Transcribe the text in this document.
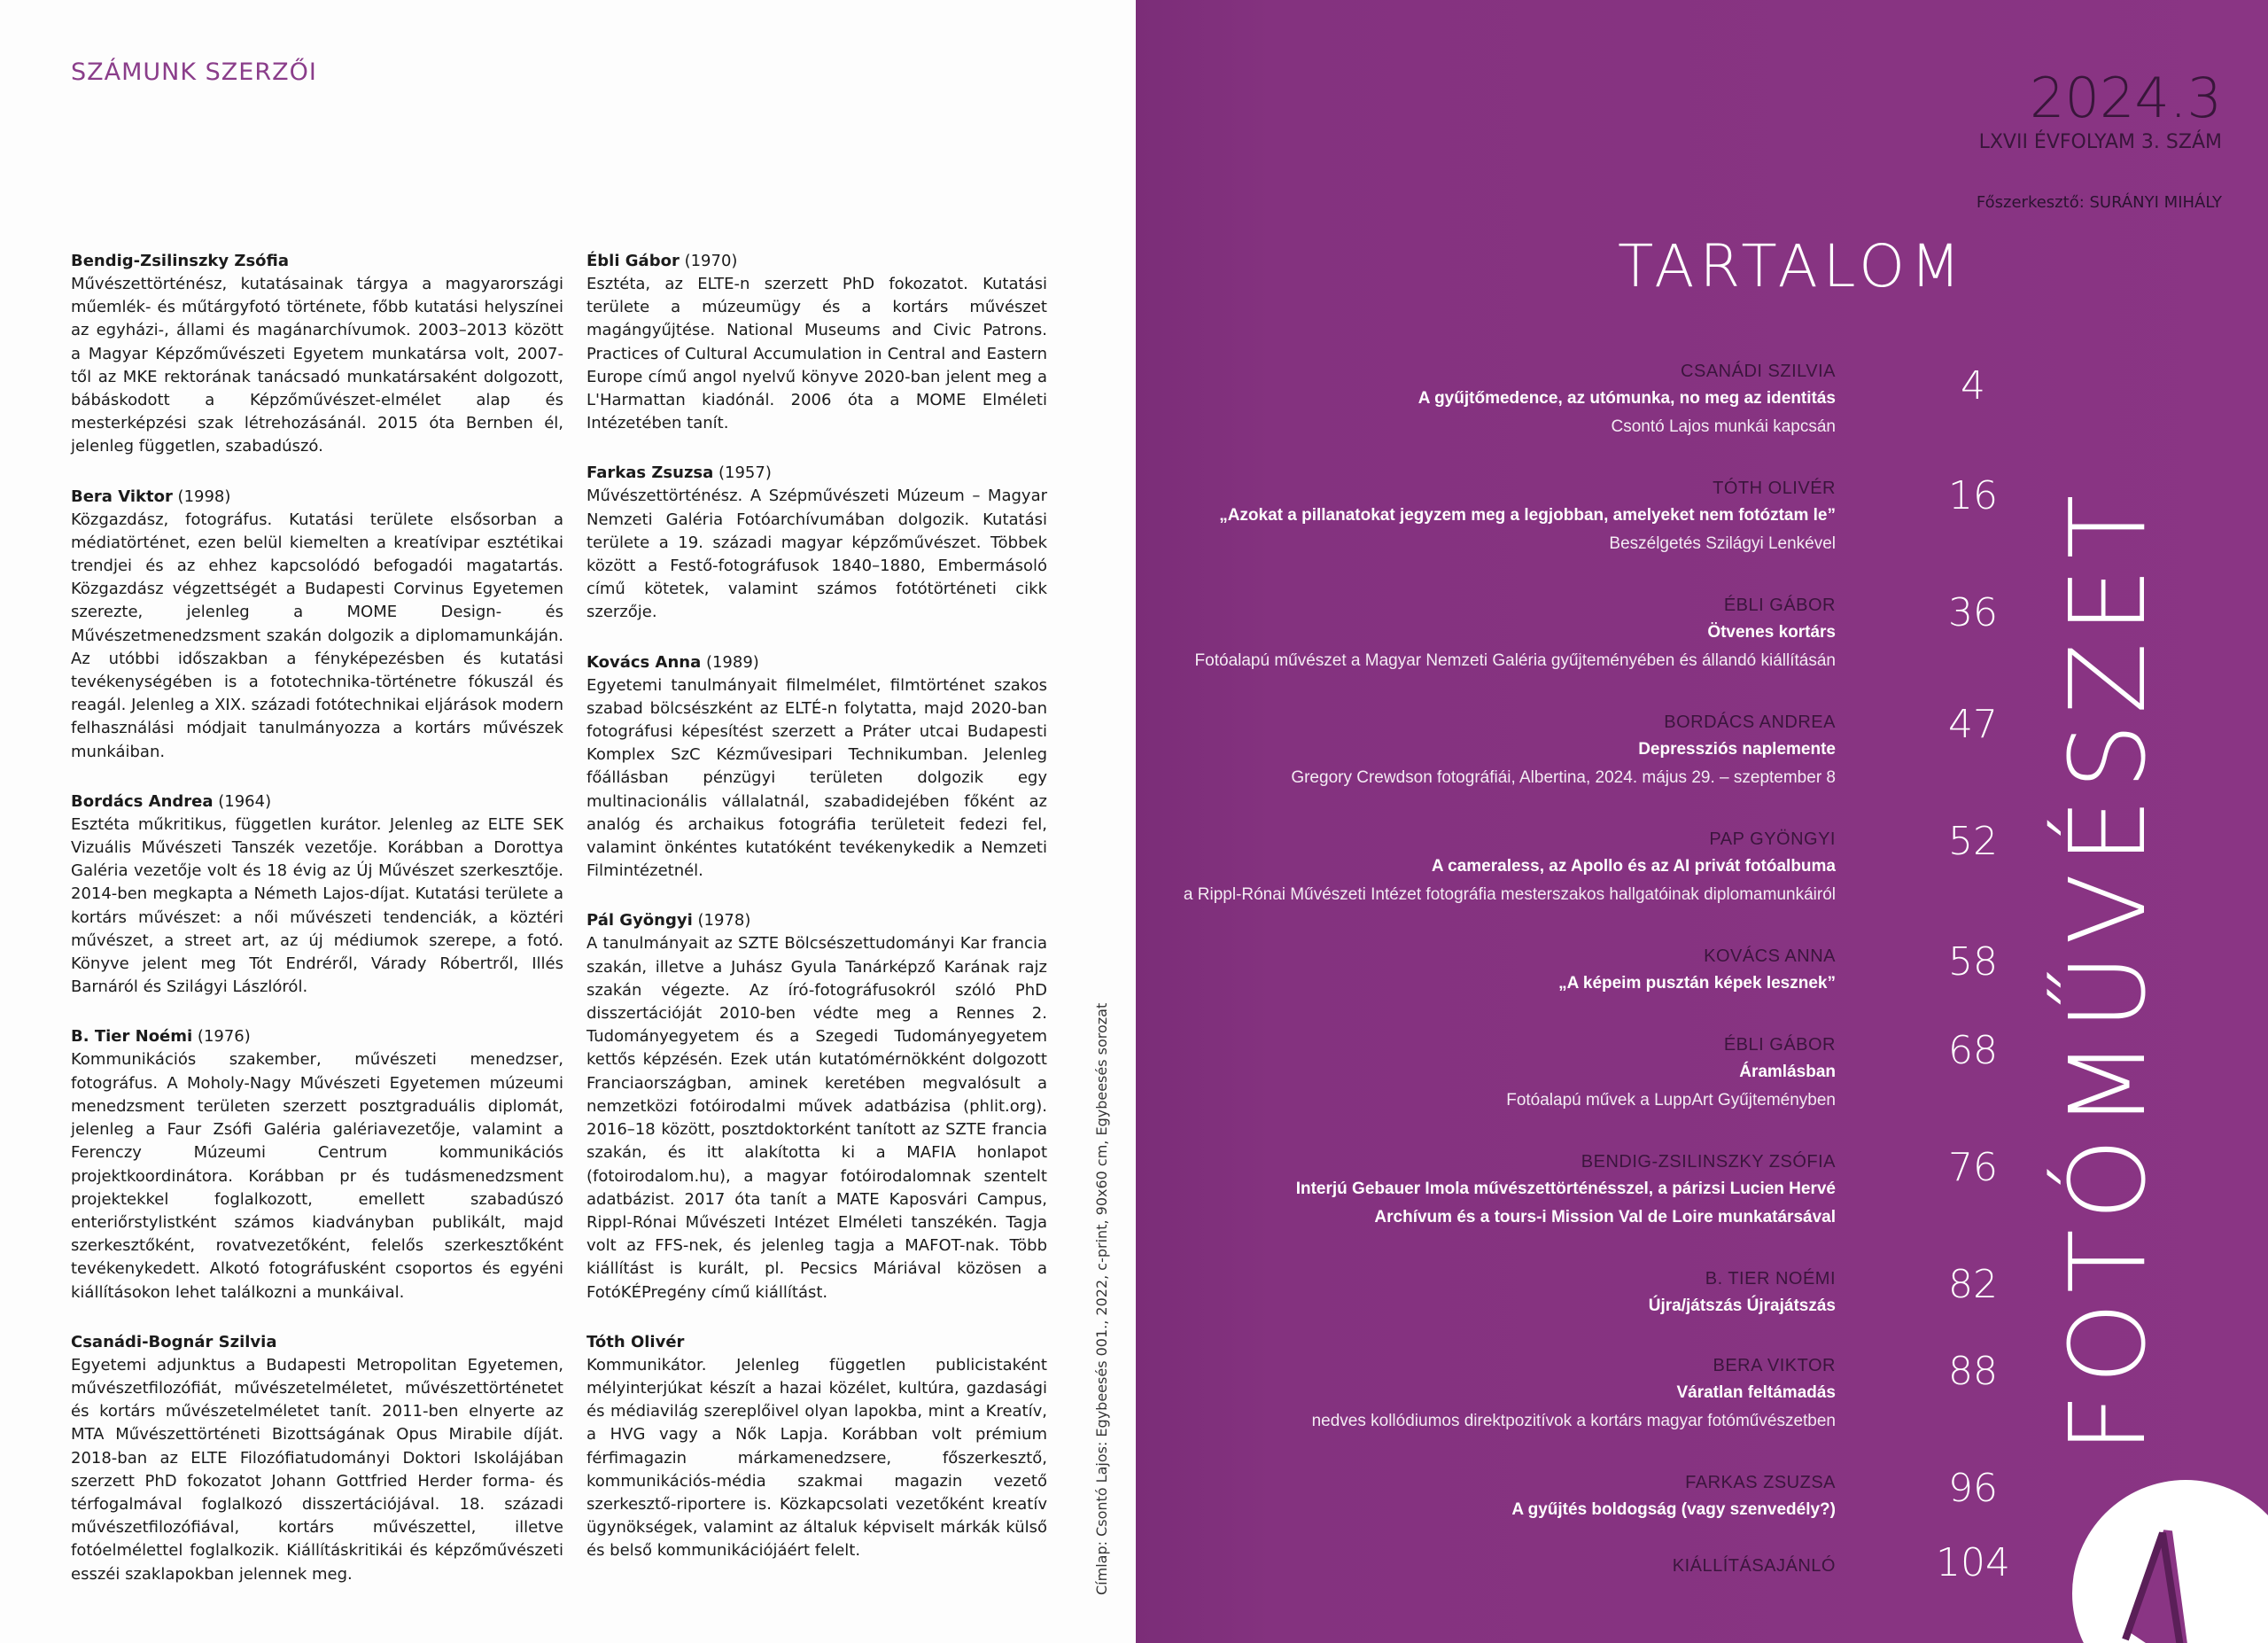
SZÁMUNK SZERZŐI
Bendig-Zsilinszky Zsófia
Művészettörténész, kutatásainak tárgya a magyarországi műemlék- és műtárgyfotó története, főbb kutatási helyszínei az egyházi-, állami és magánarchívumok. 2003–2013 között a Magyar Képzőművészeti Egyetem munkatársa volt, 2007-től az MKE rektorának tanácsadó munkatársaként dolgozott, bábáskodott a Képzőművészet-elmélet alap és mesterképzési szak létrehozásánál. 2015 óta Bernben él, jelenleg független, szabadúszó.
Bera Viktor (1998)
Közgazdász, fotográfus. Kutatási területe elsősorban a médiatörténet, ezen belül kiemelten a kreatívipar esztétikai trendjei és az ehhez kapcsolódó befogadói magatartás. Közgazdász végzettségét a Budapesti Corvinus Egyetemen szerezte, jelenleg a MOME Design- és Művészetmenedzsment szakán dolgozik a diplomamunkáján. Az utóbbi időszakban a fényképezésben és kutatási tevékenységében is a fototechnika-történetre fókuszál és reagál. Jelenleg a XIX. századi fotótechnikai eljárások modern felhasználási módjait tanulmányozza a kortárs művészek munkáiban.
Bordács Andrea (1964)
Esztéta műkritikus, független kurátor. Jelenleg az ELTE SEK Vizuális Művészeti Tanszék vezetője. Korábban a Dorottya Galéria vezetője volt és 18 évig az Új Művészet szerkesztője. 2014-ben megkapta a Németh Lajos-díjat. Kutatási területe a kortárs művészet: a női művészeti tendenciák, a köztéri művészet, a street art, az új médiumok szerepe, a fotó. Könyve jelent meg Tót Endréről, Várady Róbertről, Illés Barnáról és Szilágyi Lászlóról.
B. Tier Noémi (1976)
Kommunikációs szakember, művészeti menedzser, fotográfus. A Moholy-Nagy Művészeti Egyetemen múzeumi menedzsment területen szerzett posztgraduális diplomát, jelenleg a Faur Zsófi Galéria galériavezetője, valamint a Ferenczy Múzeumi Centrum kommunikációs projektkoordinátora. Korábban pr és tudásmenedzsment projektekkel foglalkozott, emellett szabadúszó enteriőrstylistként számos kiadványban publikált, majd szerkesztőként, rovatvezetőként, felelős szerkesztőként tevékenykedett. Alkotó fotográfusként csoportos és egyéni kiállításokon lehet találkozni a munkáival.
Csanádi-Bognár Szilvia
Egyetemi adjunktus a Budapesti Metropolitan Egyetemen, művészetfilozófiát, művészetelméletet, művészettörténetet és kortárs művészetelméletet tanít. 2011-ben elnyerte az MTA Művészettörténeti Bizottságának Opus Mirabile díját. 2018-ban az ELTE Filozófiatudományi Doktori Iskolájában szerzett PhD fokozatot Johann Gottfried Herder forma- és térfogalmával foglalkozó disszertációjával. 18. századi művészetfilozófiával, kortárs művészettel, illetve fotóelmélettel foglalkozik. Kiállításkritikái és képzőművészeti esszéi szaklapokban jelennek meg.
Ébli Gábor (1970)
Esztéta, az ELTE-n szerzett PhD fokozatot. Kutatási területe a múzeumügy és a kortárs művészet magángyűjtése. National Museums and Civic Patrons. Practices of Cultural Accumulation in Central and Eastern Europe című angol nyelvű könyve 2020-ban jelent meg a L'Harmattan kiadónál. 2006 óta a MOME Elméleti Intézetében tanít.
Farkas Zsuzsa (1957)
Művészettörténész. A Szépművészeti Múzeum – Magyar Nemzeti Galéria Fotóarchívumában dolgozik. Kutatási területe a 19. századi magyar képzőművészet. Többek között a Festő-fotográfusok 1840–1880, Embermásoló című kötetek, valamint számos fotótörténeti cikk szerzője.
Kovács Anna (1989)
Egyetemi tanulmányait filmelmélet, filmtörténet szakos szabad bölcsészként az ELTÉ-n folytatta, majd 2020-ban fotográfusi képesítést szerzett a Práter utcai Budapesti Komplex SzC Kézművesipari Technikumban. Jelenleg főállásban pénzügyi területen dolgozik egy multinacionális vállalatnál, szabadidejében főként az analóg és archaikus fotográfia területeit fedezi fel, valamint önkéntes kutatóként tevékenykedik a Nemzeti Filmintézetnél.
Pál Gyöngyi (1978)
A tanulmányait az SZTE Bölcsészettudományi Kar francia szakán, illetve a Juhász Gyula Tanárképző Karának rajz szakán végezte. Az író-fotográfusokról szóló PhD disszertációját 2010-ben védte meg a Rennes 2. Tudományegyetem és a Szegedi Tudományegyetem kettős képzésén. Ezek után kutatómérnökként dolgozott Franciaországban, aminek keretében megvalósult a nemzetközi fotóirodalmi művek adatbázisa (phlit.org). 2016–18 között, posztdoktorként tanított az SZTE francia szakán, és itt alakította ki a MAFIA honlapot (fotoirodalom.hu), a magyar fotóirodalomnak szentelt adatbázist. 2017 óta tanít a MATE Kaposvári Campus, Rippl-Rónai Művészeti Intézet Elméleti tanszékén. Tagja volt az FFS-nek, és jelenleg tagja a MAFOT-nak. Több kiállítást is kurált, pl. Pecsics Máriával közösen a FotóKÉPregény című kiállítást.
Tóth Olivér
Kommunikátor. Jelenleg független publicistaként mélyinterjúkat készít a hazai közélet, kultúra, gazdasági és médiavilág szereplőivel olyan lapokba, mint a Kreatív, a HVG vagy a Nők Lapja. Korábban volt prémium férfimagazin márkamenedzsere, főszerkesztő, kommunikációs-média szakmai magazin vezető szerkesztő-riportere is. Közkapcsolati vezetőként kreatív ügynökségek, valamint az általuk képviselt márkák külső és belső kommunikációjáért felelt.	Címlap: Csontó Lajos: Egybeesés 001., 2022, c-print, 90x60 cm, Egybeesés sorozat
2024.3
LXVII ÉVFOLYAM 3. SZÁM
Főszerkesztő: SURÁNYI MIHÁLY
TARTALOM
CSANÁDI SZILVIA
A gyűjtőmedence, az utómunka, no meg az identitás
Csontó Lajos munkái kapcsán
4
TÓTH OLIVÉR
„Azokat a pillanatokat jegyzem meg a legjobban, amelyeket nem fotóztam le”
Beszélgetés Szilágyi Lenkével
16
ÉBLI GÁBOR
Ötvenes kortárs
Fotóalapú művészet a Magyar Nemzeti Galéria gyűjteményében és állandó kiállításán
36
BORDÁCS ANDREA
Depressziós naplemente
Gregory Crewdson fotográfiái, Albertina, 2024. május 29. – szeptember 8
47
PAP GYÖNGYI
A cameraless, az Apollo és az AI privát fotóalbuma
a Rippl-Rónai Művészeti Intézet fotográfia mesterszakos hallgatóinak diplomamunkáiról
52
KOVÁCS ANNA
„A képeim pusztán képek lesznek”	58
ÉBLI GÁBOR
Áramlásban
Fotóalapú művek a LuppArt Gyűjteményben
68
BENDIG-ZSILINSZKY ZSÓFIA
Interjú Gebauer Imola művészettörténésszel, a párizsi Lucien Hervé
Archívum és a tours-i Mission Val de Loire munkatársával
76
B. TIER NOÉMI
Újra/játszás Újrajátszás	82
BERA VIKTOR
Váratlan feltámadás
nedves kollódiumos direktpozitívok a kortárs magyar fotóművészetben
88
FARKAS ZSUZSA
A gyűjtés boldogság (vagy szenvedély?)	96
KIÁLLÍTÁSAJÁNLÓ	104
FOTÓMŰVÉSZET
